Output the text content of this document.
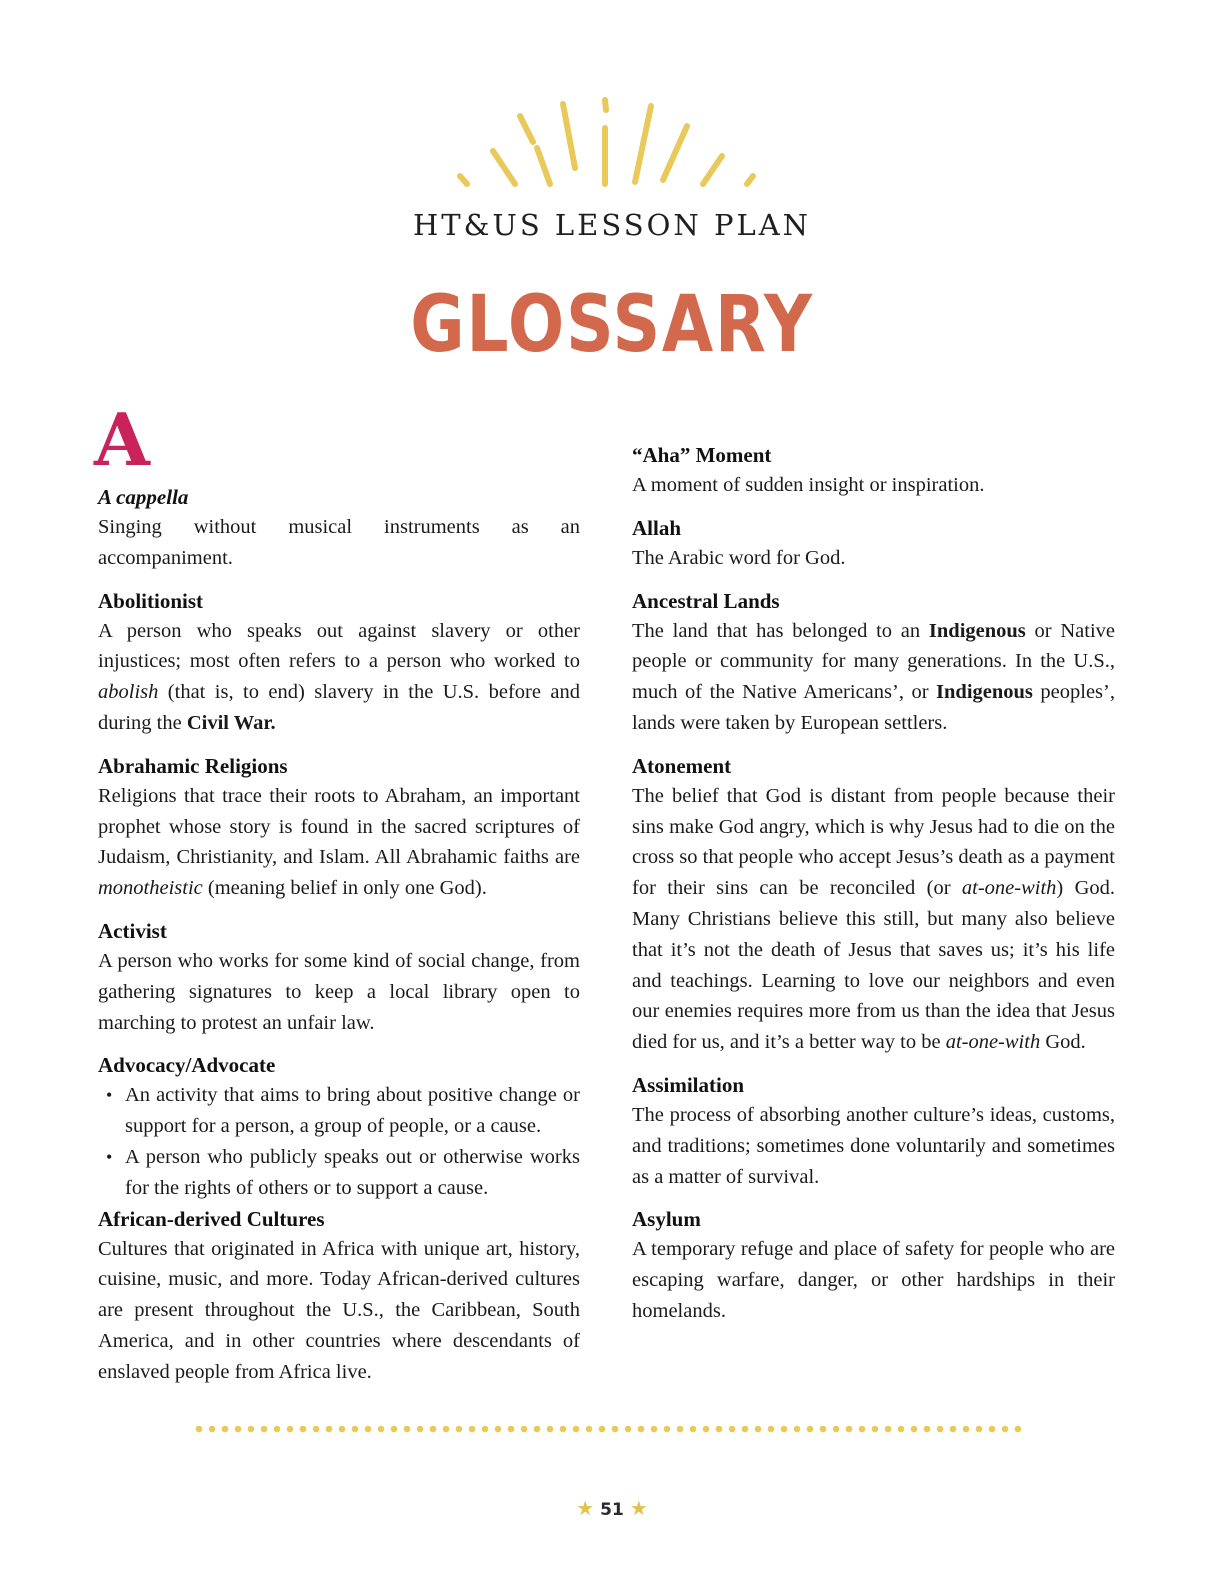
HT&US LESSON PLAN
GLOSSARY
A
A cappella

Singing without musical instruments as an accompaniment.

Abolitionist

A person who speaks out against slavery or other injustices; most often refers to a person who worked to abolish (that is, to end) slavery in the U.S. before and during the Civil War.

Abrahamic Religions

Religions that trace their roots to Abraham, an important prophet whose story is found in the sacred scriptures of Judaism, Christianity, and Islam. All Abrahamic faiths are monotheistic (meaning belief in only one God).

Activist

A person who works for some kind of social change, from gathering signatures to keep a local library open to marching to protest an unfair law.

Advocacy/Advocate
• An activity that aims to bring about positive change or support for a person, a group of people, or a cause.
• A person who publicly speaks out or otherwise works for the rights of others or to support a cause.
African-derived Cultures

Cultures that originated in Africa with unique art, history, cuisine, music, and more. Today African-derived cultures are present throughout the U.S., the Caribbean, South America, and in other countries where descendants of enslaved people from Africa live.

“Aha” Moment

A moment of sudden insight or inspiration.

Allah

The Arabic word for God.

Ancestral Lands

The land that has belonged to an Indigenous or Native people or community for many generations. In the U.S., much of the Native Americans’, or Indigenous peoples’, lands were taken by European settlers.

Atonement

The belief that God is distant from people because their sins make God angry, which is why Jesus had to die on the cross so that people who accept Jesus’s death as a payment for their sins can be reconciled (or at-one-with) God. Many Christians believe this still, but many also believe that it’s not the death of Jesus that saves us; it’s his life and teachings. Learning to love our neighbors and even our enemies requires more from us than the idea that Jesus died for us, and it’s a better way to be at-one-with God.

Assimilation

The process of absorbing another culture’s ideas, customs, and traditions; sometimes done voluntarily and sometimes as a matter of survival.

Asylum

A temporary refuge and place of safety for people who are escaping warfare, danger, or other hardships in their homelands.

★ 51 ★
